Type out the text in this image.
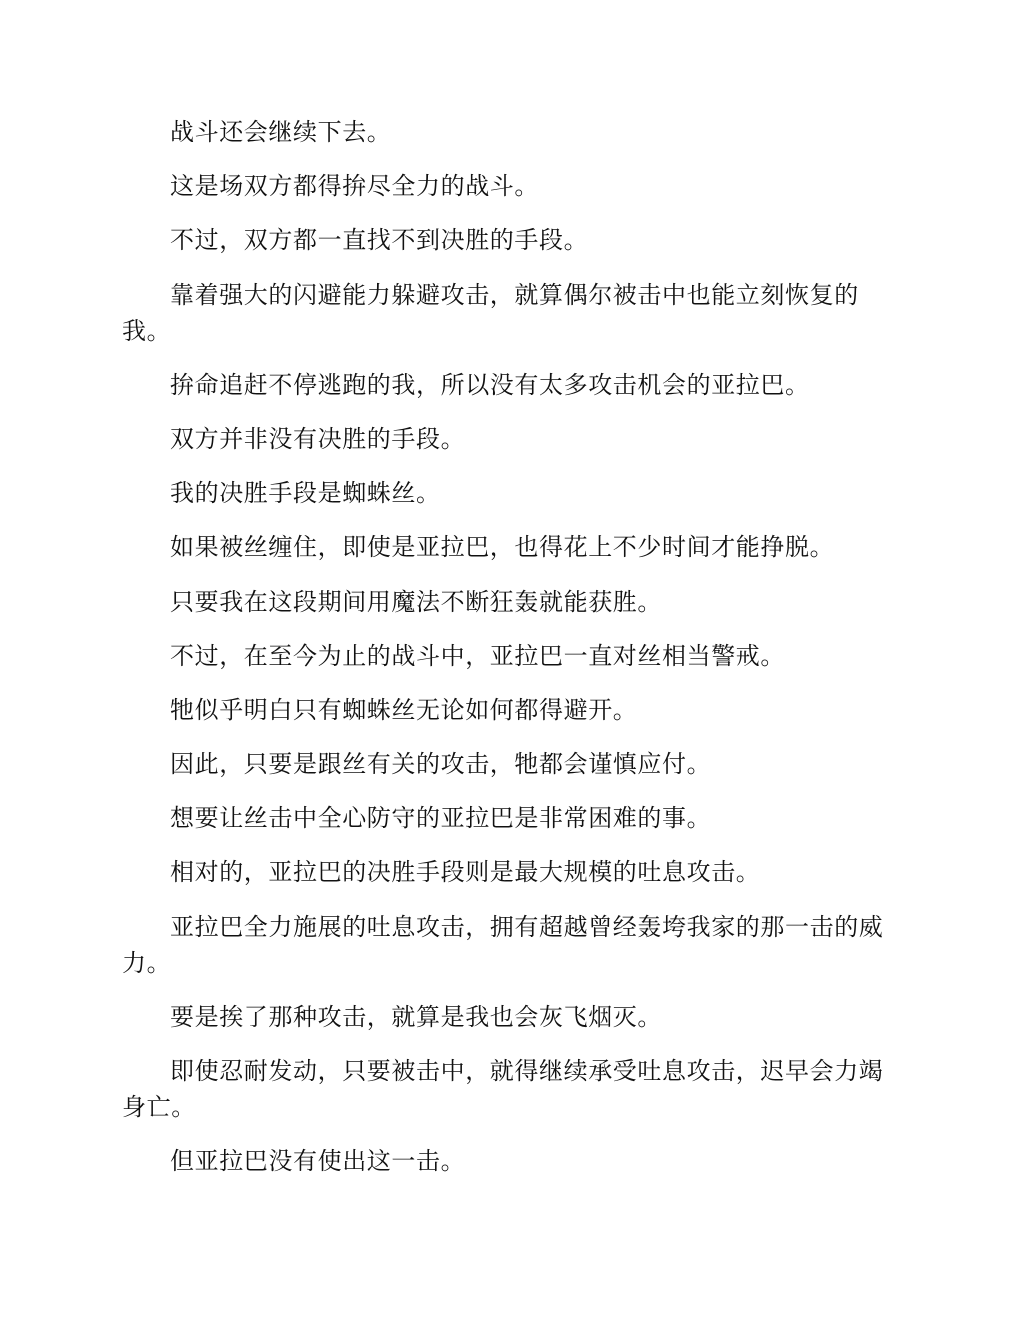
战斗还会继续下去。

这是场双方都得拚尽全力的战斗。

不过，双方都一直找不到决胜的手段。

靠着强大的闪避能力躲避攻击，就算偶尔被击中也能立刻恢复的我。

拚命追赶不停逃跑的我，所以没有太多攻击机会的亚拉巴。

双方并非没有决胜的手段。

我的决胜手段是蜘蛛丝。

如果被丝缠住，即使是亚拉巴，也得花上不少时间才能挣脱。

只要我在这段期间用魔法不断狂轰就能获胜。

不过，在至今为止的战斗中，亚拉巴一直对丝相当警戒。

牠似乎明白只有蜘蛛丝无论如何都得避开。

因此，只要是跟丝有关的攻击，牠都会谨慎应付。

想要让丝击中全心防守的亚拉巴是非常困难的事。

相对的，亚拉巴的决胜手段则是最大规模的吐息攻击。

亚拉巴全力施展的吐息攻击，拥有超越曾经轰垮我家的那一击的威力。

要是挨了那种攻击，就算是我也会灰飞烟灭。

即使忍耐发动，只要被击中，就得继续承受吐息攻击，迟早会力竭身亡。

但亚拉巴没有使出这一击。
